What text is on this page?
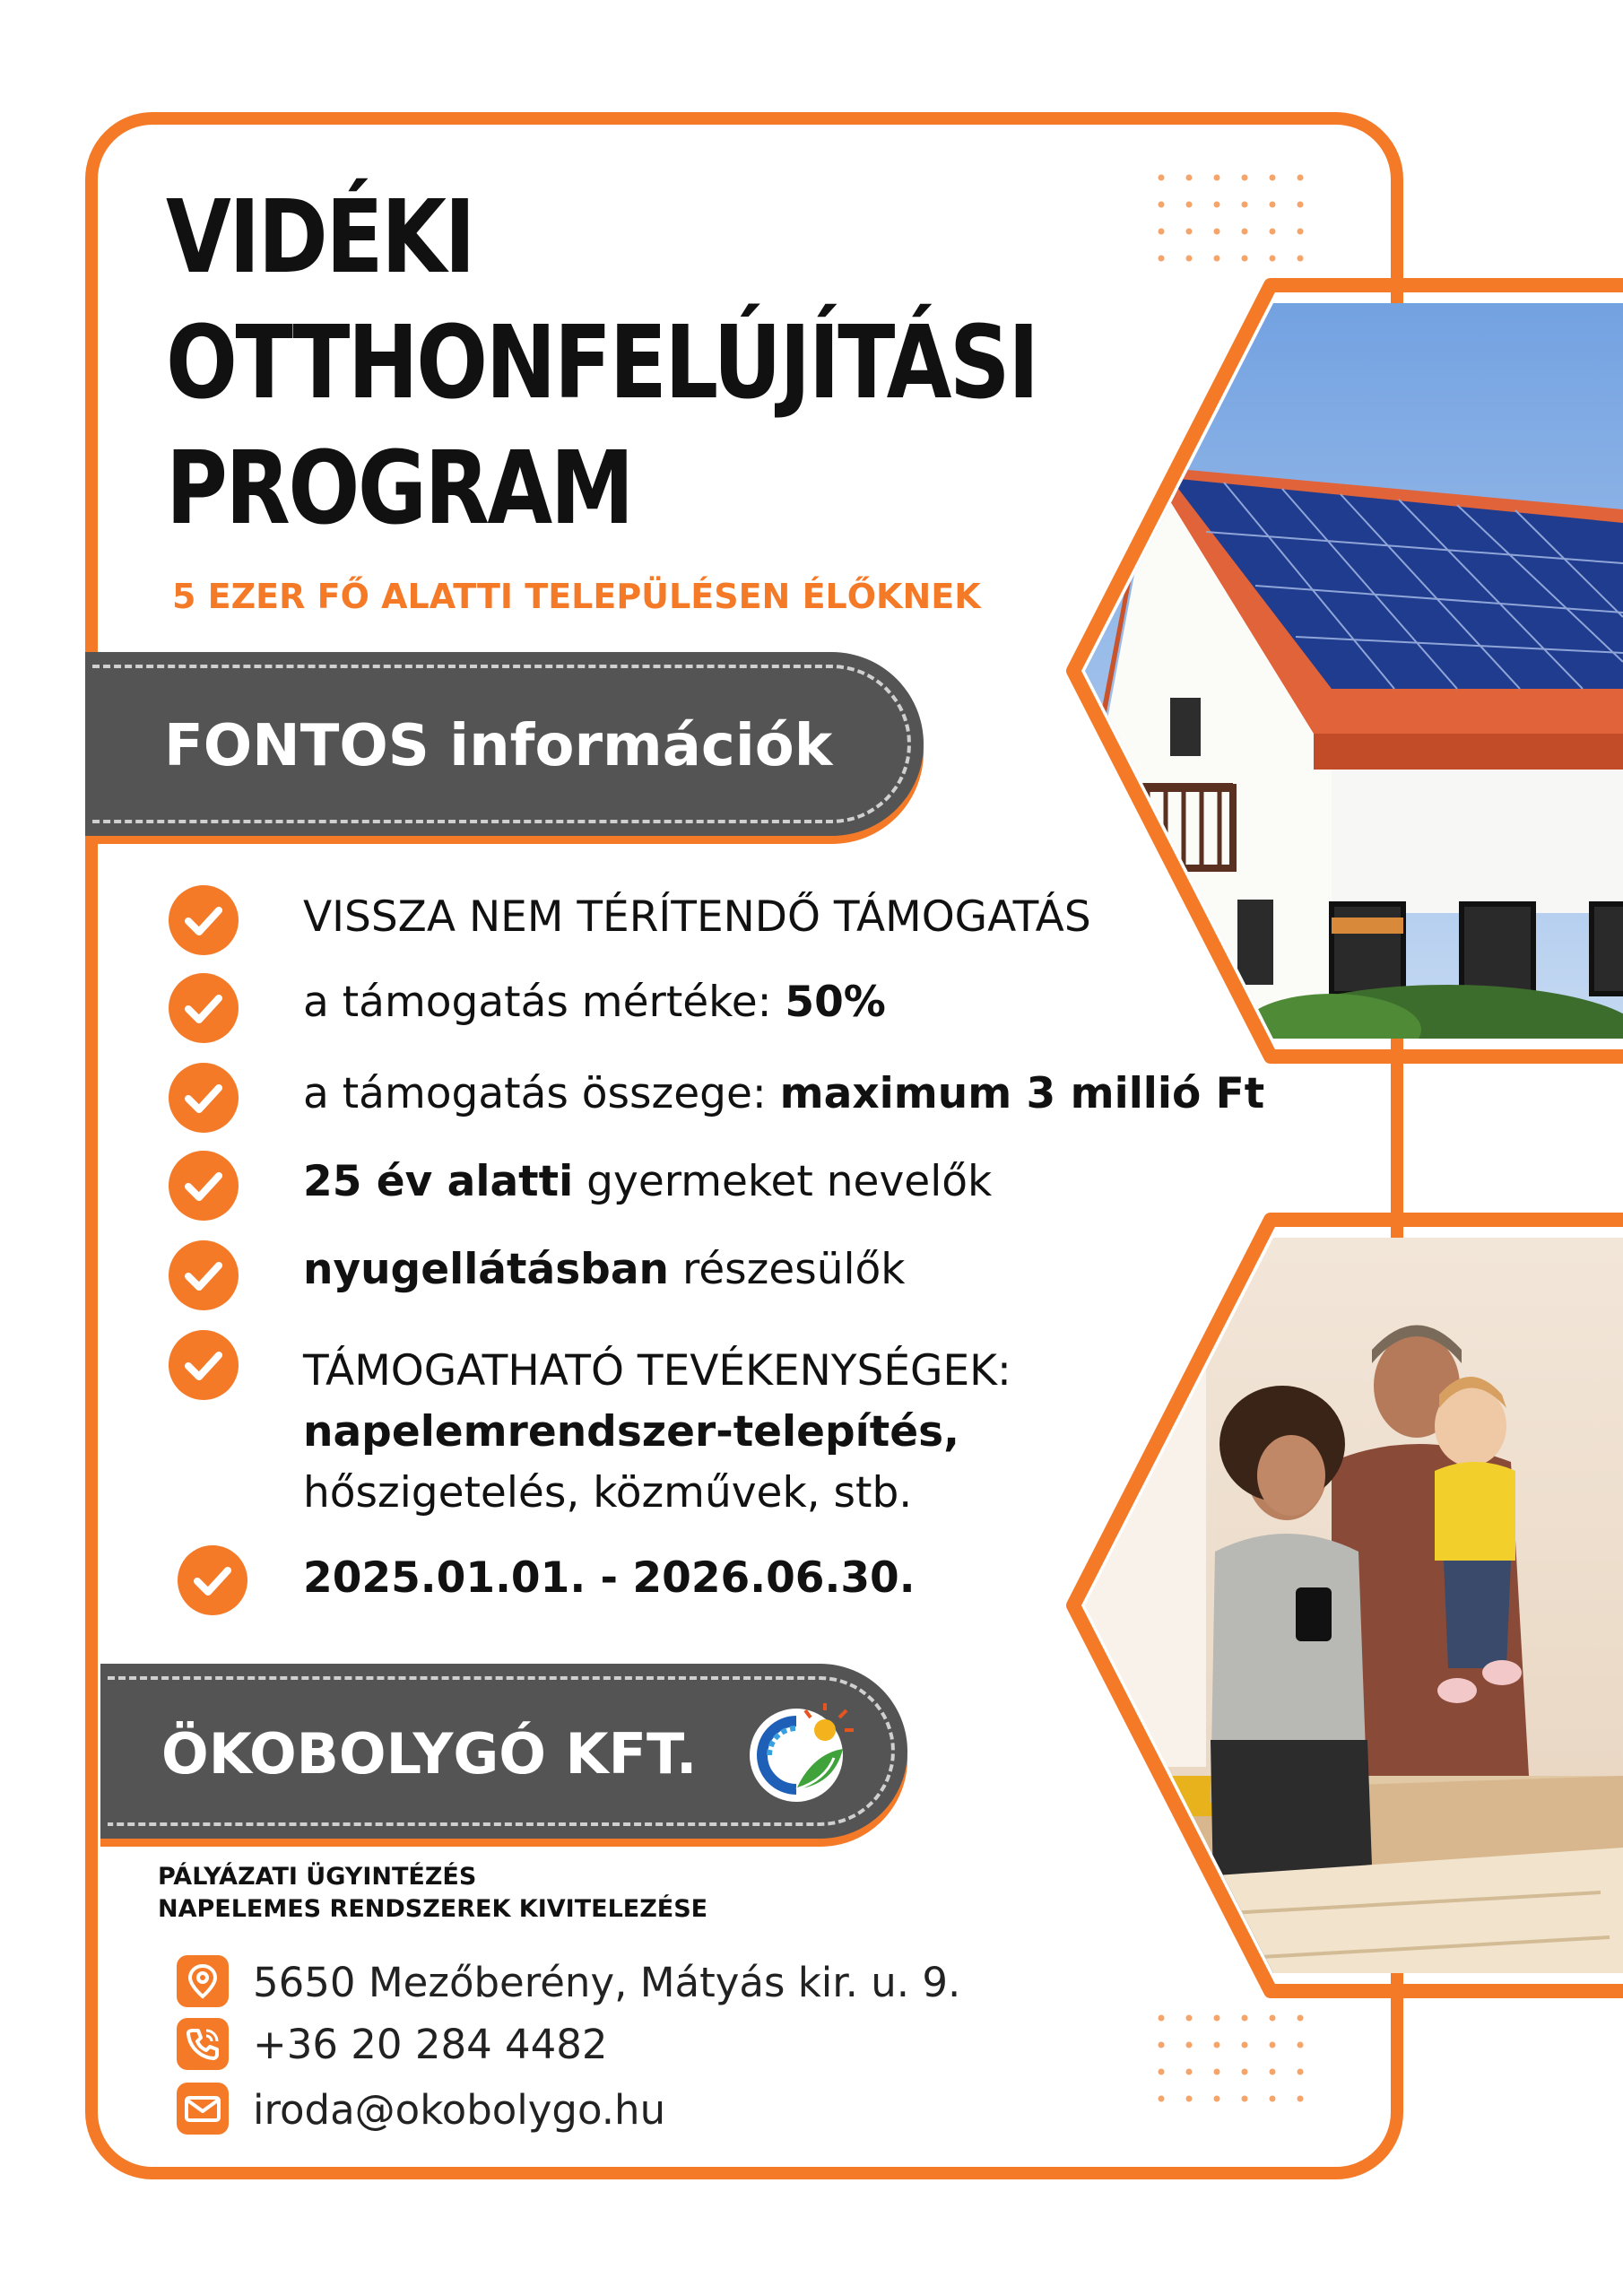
VIDÉKI
OTTHONFELÚJÍTÁSI
PROGRAM
5 EZER FŐ ALATTI TELEPÜLÉSEN ÉLŐKNEK
FONTOS információk
VISSZA NEM TÉRÍTENDŐ TÁMOGATÁS
a támogatás mértéke: 50%
a támogatás összege: maximum 3 millió Ft
25 év alatti gyermeket nevelők
nyugellátásban részesülők
TÁMOGATHATÓ TEVÉKENYSÉGEK:
napelemrendszer-telepítés,
hőszigetelés, közművek, stb.
2025.01.01. - 2026.06.30.
ÖKOBOLYGÓ KFT.
PÁLYÁZATI ÜGYINTÉZÉS
NAPELEMES RENDSZEREK KIVITELEZÉSE
5650 Mezőberény, Mátyás kir. u. 9.
+36 20 284 4482
iroda@okobolygo.hu
